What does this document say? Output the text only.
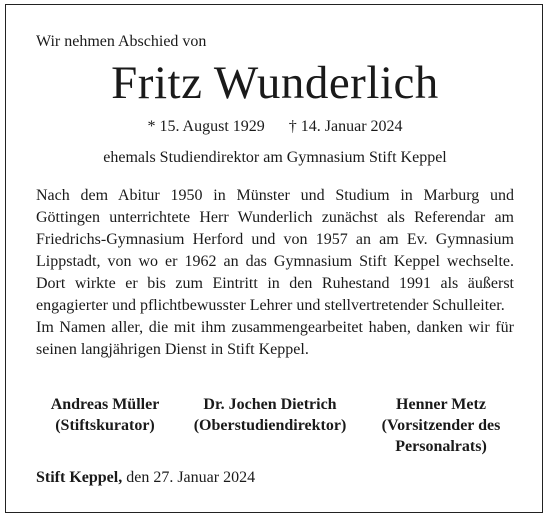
Wir nehmen Abschied von
Fritz Wunderlich
* 15. August 1929 † 14. Januar 2024
ehemals Studiendirektor am Gymnasium Stift Keppel

Nach dem Abitur 1950 in Münster und Studium in Marburg und Göttingen unterrichtete Herr Wunderlich zunächst als Referendar am Friedrichs-Gymnasium Herford und von 1957 an am Ev. Gymnasium Lippstadt, von wo er 1962 an das Gymnasium Stift Keppel wechselte. Dort wirkte er bis zum Eintritt in den Ruhestand 1991 als äußerst engagierter und pflichtbewusster Lehrer und stellvertretender Schulleiter.

Im Namen aller, die mit ihm zusammengearbeitet haben, danken wir für seinen langjährigen Dienst in Stift Keppel.

Andreas Müller
(Stiftskurator)
Dr. Jochen Dietrich
(Oberstudiendirektor)
Henner Metz
(Vorsitzender des
Personalrats)
Stift Keppel, den 27. Januar 2024
